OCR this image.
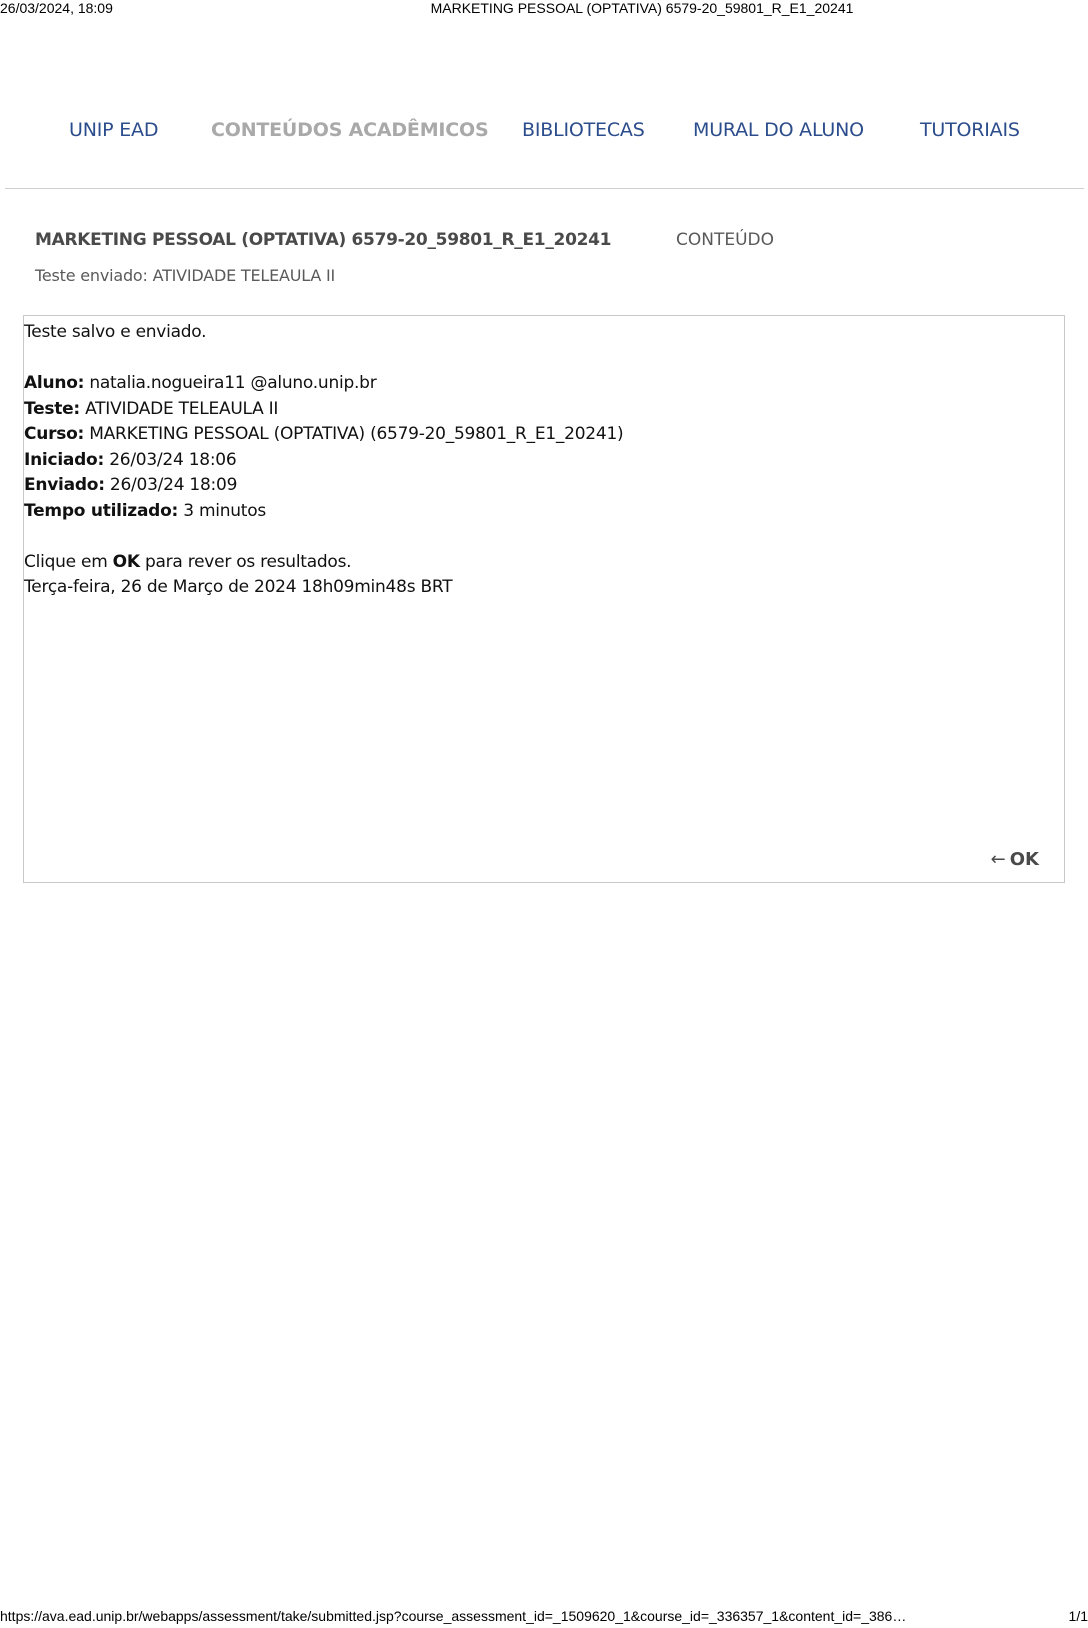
26/03/2024, 18:09	MARKETING PESSOAL (OPTATIVA) 6579-20_59801_R_E1_20241
UNIP EAD	CONTEÚDOS ACADÊMICOS BIBLIOTECAS	MURAL DO ALUNO	TUTORIAIS
MARKETING PESSOAL (OPTATIVA) 6579-20_59801_R_E1_20241	CONTEÚDO
Teste enviado: ATIVIDADE TELEAULA II
Teste salvo e enviado.
Aluno: natalia.nogueira11 @aluno.unip.br
Teste: ATIVIDADE TELEAULA II
Curso: MARKETING PESSOAL (OPTATIVA) (6579-20_59801_R_E1_20241)
Iniciado: 26/03/24 18:06
Enviado: 26/03/24 18:09
Tempo utilizado: 3 minutos
Clique em OK para rever os resultados.
Terça-feira, 26 de Março de 2024 18h09min48s BRT
← OK
https://ava.ead.unip.br/webapps/assessment/take/submitted.jsp?course_assessment_id=_1509620_1&course_id=_336357_1&content_id=_386…	1/1
